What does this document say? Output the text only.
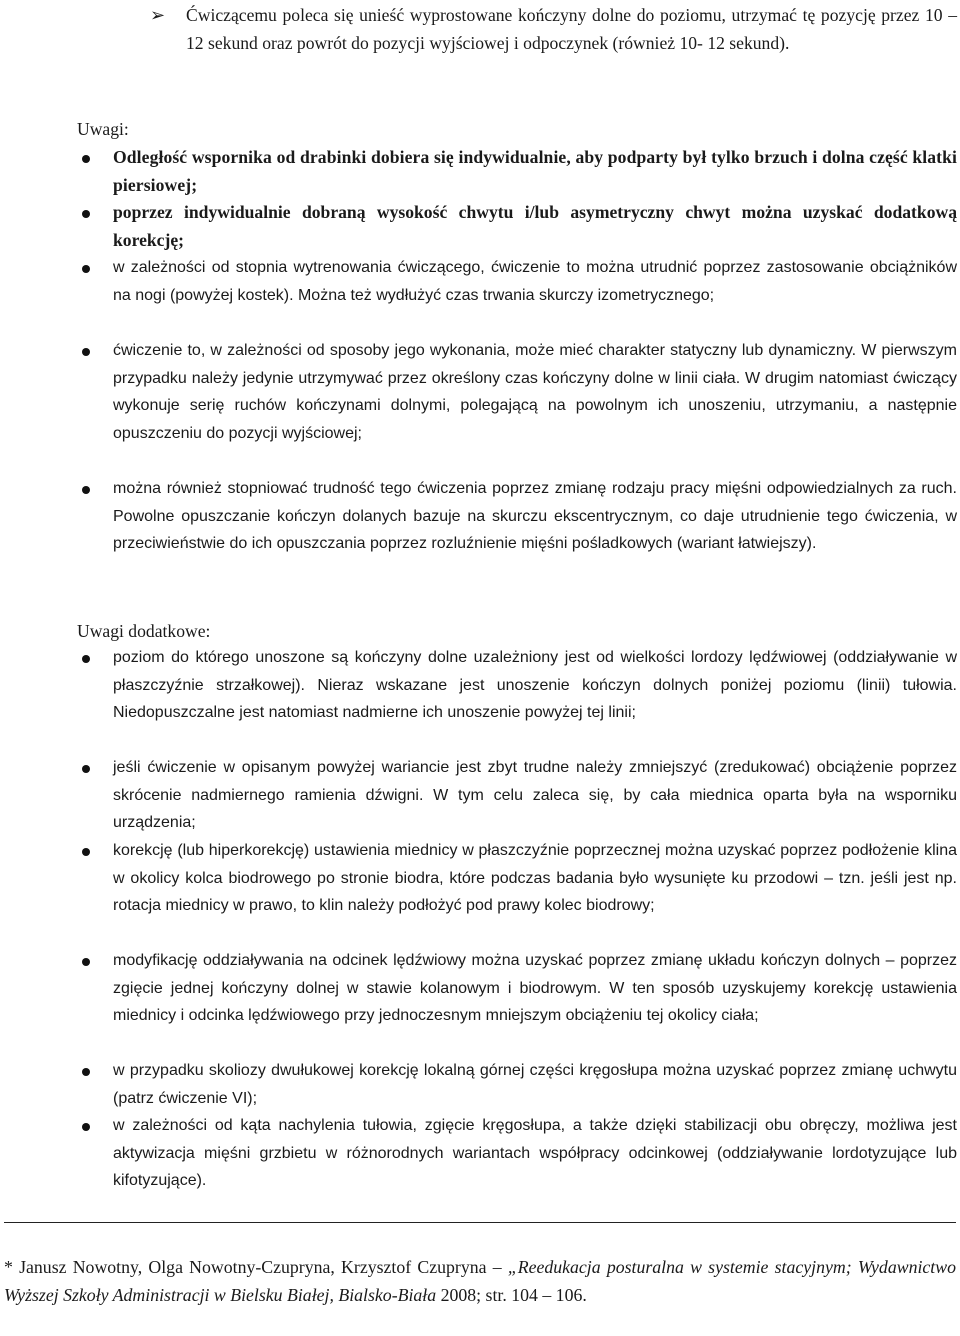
➢ Ćwiczącemu poleca się unieść wyprostowane kończyny dolne do poziomu, utrzymać tę pozycję przez 10 – 12 sekund oraz powrót do pozycji wyjściowej i odpoczynek (również 10- 12 sekund).
Uwagi:
Odległość wspornika od drabinki dobiera się indywidualnie, aby podparty był tylko brzuch i dolna część klatki piersiowej;
poprzez indywidualnie dobraną wysokość chwytu i/lub asymetryczny chwyt można uzyskać dodatkową korekcję;
w zależności od stopnia wytrenowania ćwiczącego, ćwiczenie to można utrudnić poprzez zastosowanie obciążników na nogi (powyżej kostek). Można też wydłużyć czas trwania skurczy izometrycznego;
ćwiczenie to, w zależności od sposoby jego wykonania, może mieć charakter statyczny lub dynamiczny. W pierwszym przypadku należy jedynie utrzymywać przez określony czas kończyny dolne w linii ciała. W drugim natomiast ćwiczący wykonuje serię ruchów kończynami dolnymi, polegającą na powolnym ich unoszeniu, utrzymaniu, a następnie opuszczeniu do pozycji wyjściowej;
można również stopniować trudność tego ćwiczenia poprzez zmianę rodzaju pracy mięśni odpowiedzialnych za ruch. Powolne opuszczanie kończyn dolanych bazuje na skurczu ekscentrycznym, co daje utrudnienie tego ćwiczenia, w przeciwieństwie do ich opuszczania poprzez rozluźnienie mięśni pośladkowych (wariant łatwiejszy).
Uwagi dodatkowe:
poziom do którego unoszone są kończyny dolne uzależniony jest od wielkości lordozy lędźwiowej (oddziaływanie w płaszczyźnie strzałkowej). Nieraz wskazane jest unoszenie kończyn dolnych poniżej poziomu (linii) tułowia. Niedopuszczalne jest natomiast nadmierne ich unoszenie powyżej tej linii;
jeśli ćwiczenie w opisanym powyżej wariancie jest zbyt trudne należy zmniejszyć (zredukować) obciążenie poprzez skrócenie nadmiernego ramienia dźwigni. W tym celu zaleca się, by cała miednica oparta była na wsporniku urządzenia;
korekcję (lub hiperkorekcję) ustawienia miednicy w płaszczyźnie poprzecznej można uzyskać poprzez podłożenie klina w okolicy kolca biodrowego po stronie biodra, które podczas badania było wysunięte ku przodowi – tzn. jeśli jest np. rotacja miednicy w prawo, to klin należy podłożyć pod prawy kolec biodrowy;
modyfikację oddziaływania na odcinek lędźwiowy można uzyskać poprzez zmianę układu kończyn dolnych – poprzez zgięcie jednej kończyny dolnej w stawie kolanowym i biodrowym. W ten sposób uzyskujemy korekcję ustawienia miednicy i odcinka lędźwiowego przy jednoczesnym mniejszym obciążeniu tej okolicy ciała;
w przypadku skoliozy dwułukowej korekcję lokalną górnej części kręgosłupa można uzyskać poprzez zmianę uchwytu (patrz ćwiczenie VI);
w zależności od kąta nachylenia tułowia, zgięcie kręgosłupa, a także dzięki stabilizacji obu obręczy, możliwa jest aktywizacja mięśni grzbietu w różnorodnych wariantach współpracy odcinkowej (oddziaływanie lordotyzujące lub kifotyzujące).
* Janusz Nowotny, Olga Nowotny-Czupryna, Krzysztof Czupryna – „Reedukacja posturalna w systemie stacyjnym; Wydawnictwo Wyższej Szkoły Administracji w Bielsku Białej, Bialsko-Biała 2008; str. 104 – 106.
